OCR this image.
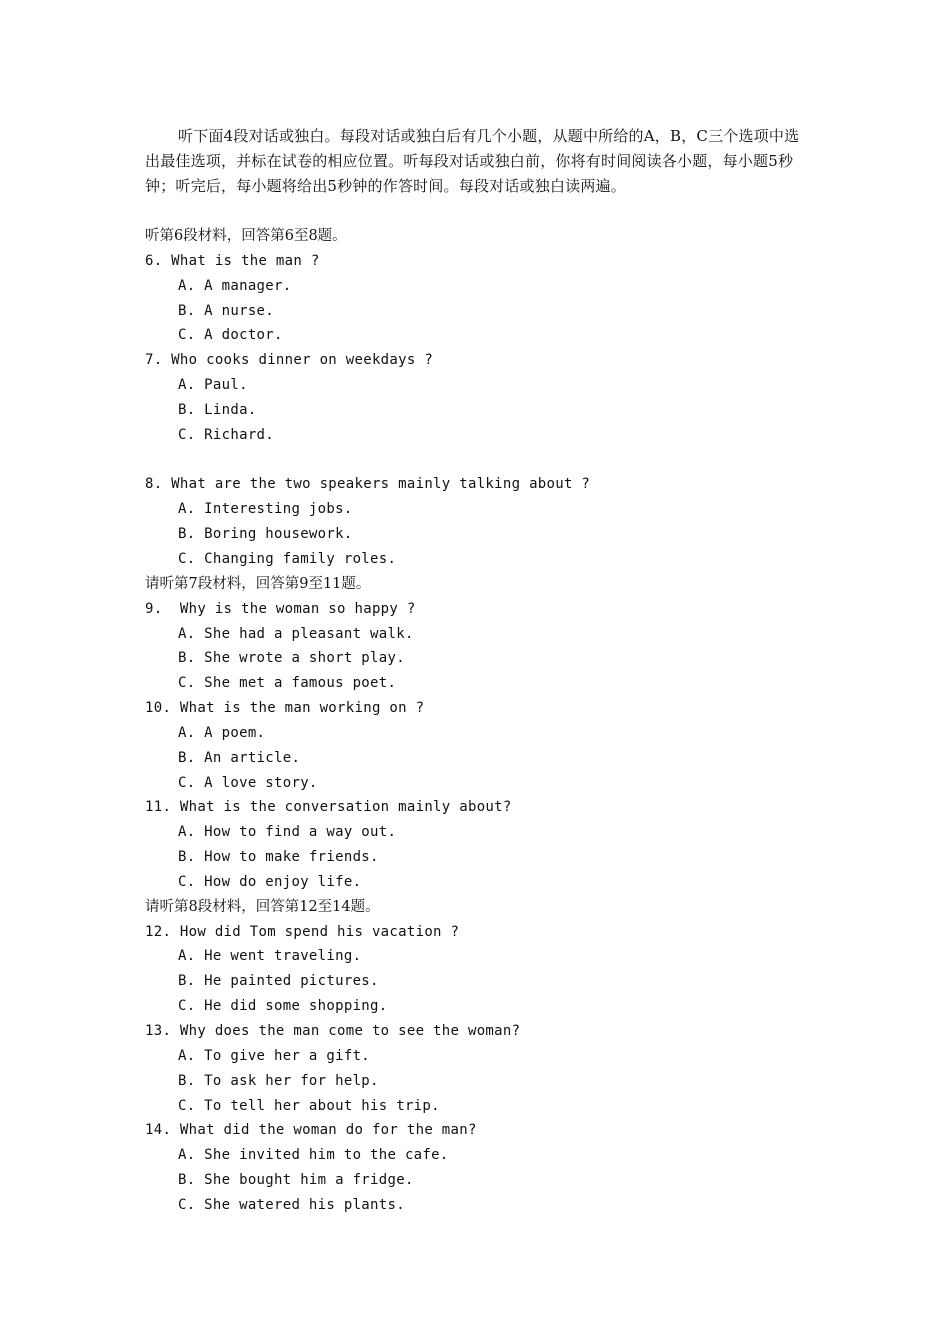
听下面4段对话或独白。每段对话或独白后有几个小题，从题中所给的A，B，C三个选项中选出最佳选项，并标在试卷的相应位置。听每段对话或独白前，你将有时间阅读各小题，每小题5秒钟；听完后，每小题将给出5秒钟的作答时间。每段对话或独白读两遍。
听第6段材料，回答第6至8题。
6. What is the man ?
A. A manager.
B. A nurse.
C. A doctor.
7. Who cooks dinner on weekdays ?
A. Paul.
B. Linda.
C. Richard.
8. What are the two speakers mainly talking about ?
A. Interesting jobs.
B. Boring housework.
C. Changing family roles.
请听第7段材料，回答第9至11题。
9.  Why is the woman so happy ?
A. She had a pleasant walk.
B. She wrote a short play.
C. She met a famous poet.
10. What is the man working on ?
A. A poem.
B. An article.
C. A love story.
11. What is the conversation mainly about?
A. How to find a way out.
B. How to make friends.
C. How do enjoy life.
请听第8段材料，回答第12至14题。
12. How did Tom spend his vacation ?
A. He went traveling.
B. He painted pictures.
C. He did some shopping.
13. Why does the man come to see the woman?
A. To give her a gift.
B. To ask her for help.
C. To tell her about his trip.
14. What did the woman do for the man?
A. She invited him to the cafe.
B. She bought him a fridge.
C. She watered his plants.
